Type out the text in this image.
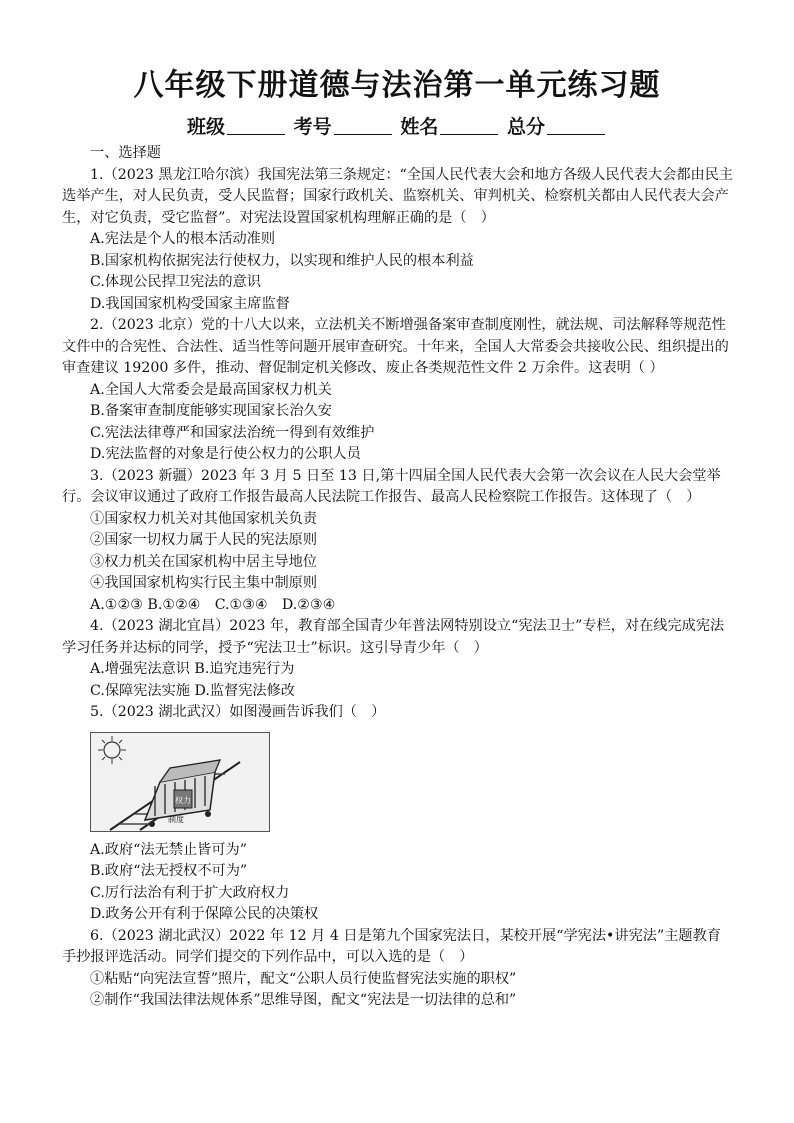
八年级下册道德与法治第一单元练习题
班级	考号	姓名	总分

一、选择题

1.（2023 黑龙江哈尔滨）我国宪法第三条规定：“全国人民代表大会和地方各级人民代表大会都由民主选举产生，对人民负责，受人民监督；国家行政机关、监察机关、审判机关、检察机关都由人民代表大会产生，对它负责，受它监督”。对宪法设置国家机构理解正确的是（　）

A.宪法是个人的根本活动准则

B.国家机构依据宪法行使权力，以实现和维护人民的根本利益

C.体现公民捍卫宪法的意识

D.我国国家机构受国家主席监督

2.（2023 北京）党的十八大以来，立法机关不断增强备案审查制度刚性，就法规、司法解释等规范性文件中的合宪性、合法性、适当性等问题开展审查研究。十年来，全国人大常委会共接收公民、组织提出的审查建议 19200 多件，推动、督促制定机关修改、废止各类规范性文件 2 万余件。这表明（ ）

A.全国人大常委会是最高国家权力机关

B.备案审查制度能够实现国家长治久安

C.宪法法律尊严和国家法治统一得到有效维护

D.宪法监督的对象是行使公权力的公职人员

3.（2023 新疆）2023 年 3 月 5 日至 13 日,第十四届全国人民代表大会第一次会议在人民大会堂举行。会议审议通过了政府工作报告最高人民法院工作报告、最高人民检察院工作报告。这体现了（　）

①国家权力机关对其他国家机关负责

②国家一切权力属于人民的宪法原则

③权力机关在国家机构中居主导地位

④我国国家机构实行民主集中制原则

A.①②③ B.①②④　C.①③④　D.②③④

4.（2023 湖北宜昌）2023 年，教育部全国青少年普法网特别设立“宪法卫士”专栏，对在线完成宪法学习任务并达标的同学，授予“宪法卫士”标识。这引导青少年（　）

A.增强宪法意识 B.追究违宪行为

C.保障宪法实施 D.监督宪法修改

5.（2023 湖北武汉）如图漫画告诉我们（　）

权力
制度

A.政府“法无禁止皆可为”

B.政府“法无授权不可为”

C.厉行法治有利于扩大政府权力

D.政务公开有利于保障公民的决策权

6.（2023 湖北武汉）2022 年 12 月 4 日是第九个国家宪法日，某校开展“学宪法•讲宪法”主题教育手抄报评选活动。同学们提交的下列作品中，可以入选的是（　）

①粘贴“向宪法宣誓”照片，配文“公职人员行使监督宪法实施的职权”

②制作“我国法律法规体系”思维导图，配文“宪法是一切法律的总和”
